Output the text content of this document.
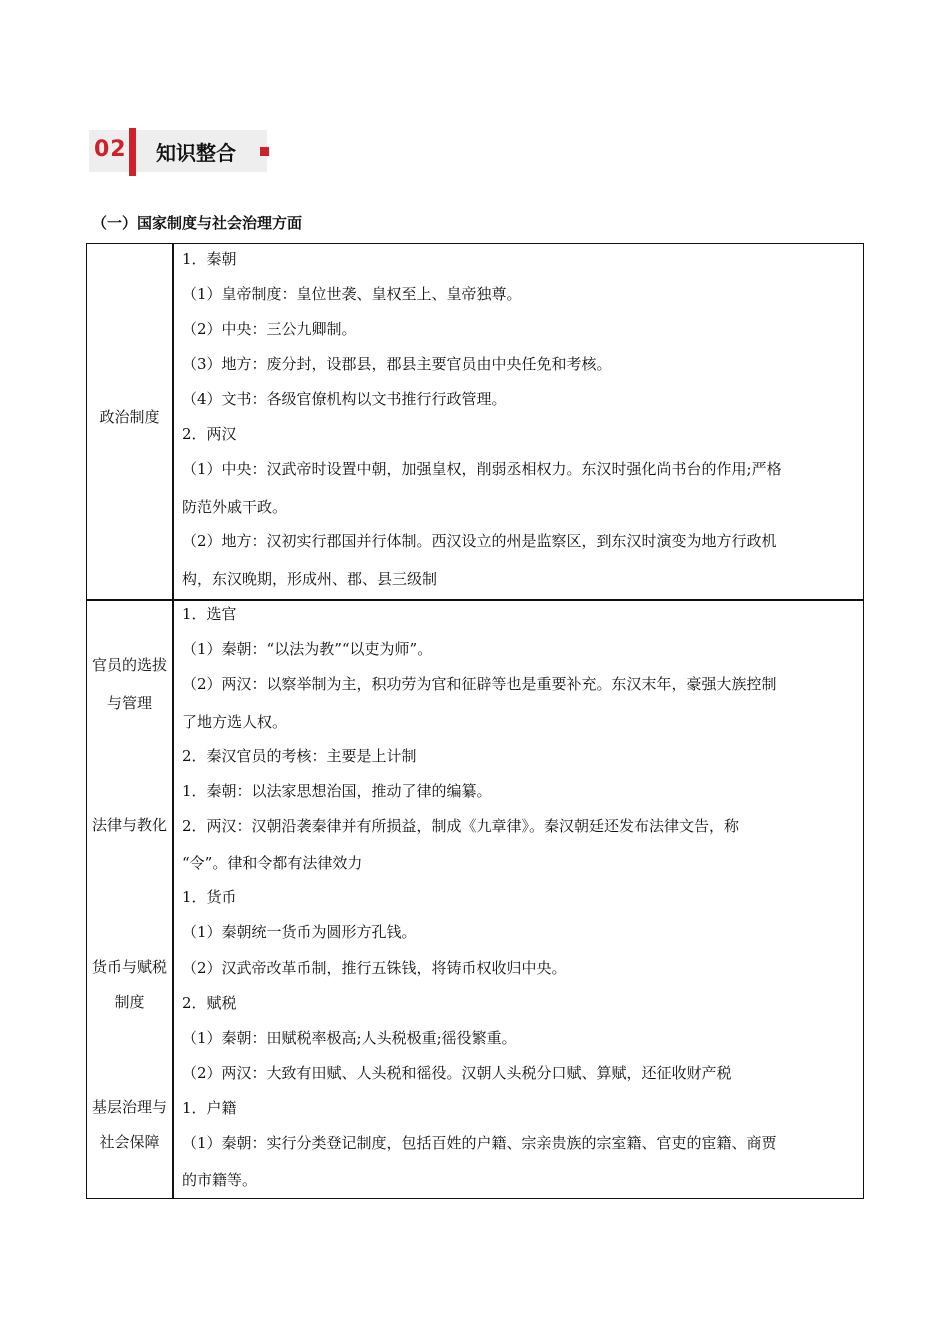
02 知识整合
（一）国家制度与社会治理方面
政治制度
官员的选拔
与管理
法律与教化
货币与赋税
制度
基层治理与
社会保障
1．秦朝
（1）皇帝制度：皇位世袭、皇权至上、皇帝独尊。
（2）中央：三公九卿制。
（3）地方：废分封，设郡县，郡县主要官员由中央任免和考核。
（4）文书：各级官僚机构以文书推行行政管理。
2．两汉
（1）中央：汉武帝时设置中朝，加强皇权，削弱丞相权力。东汉时强化尚书台的作用;严格
防范外戚干政。
（2）地方：汉初实行郡国并行体制。西汉设立的州是监察区，到东汉时演变为地方行政机
构，东汉晚期，形成州、郡、县三级制
1．选官
（1）秦朝：“以法为教”“以吏为师”。
（2）两汉：以察举制为主，积功劳为官和征辟等也是重要补充。东汉末年，豪强大族控制
了地方选人权。
2．秦汉官员的考核：主要是上计制
1．秦朝：以法家思想治国，推动了律的编纂。
2．两汉：汉朝沿袭秦律并有所损益，制成《九章律》。秦汉朝廷还发布法律文告，称
“令”。律和令都有法律效力
1．货币
（1）秦朝统一货币为圆形方孔钱。
（2）汉武帝改革币制，推行五铢钱，将铸币权收归中央。
2．赋税
（1）秦朝：田赋税率极高;人头税极重;徭役繁重。
（2）两汉：大致有田赋、人头税和徭役。汉朝人头税分口赋、算赋，还征收财产税
1．户籍
（1）秦朝：实行分类登记制度，包括百姓的户籍、宗亲贵族的宗室籍、官吏的宦籍、商贾
的市籍等。
